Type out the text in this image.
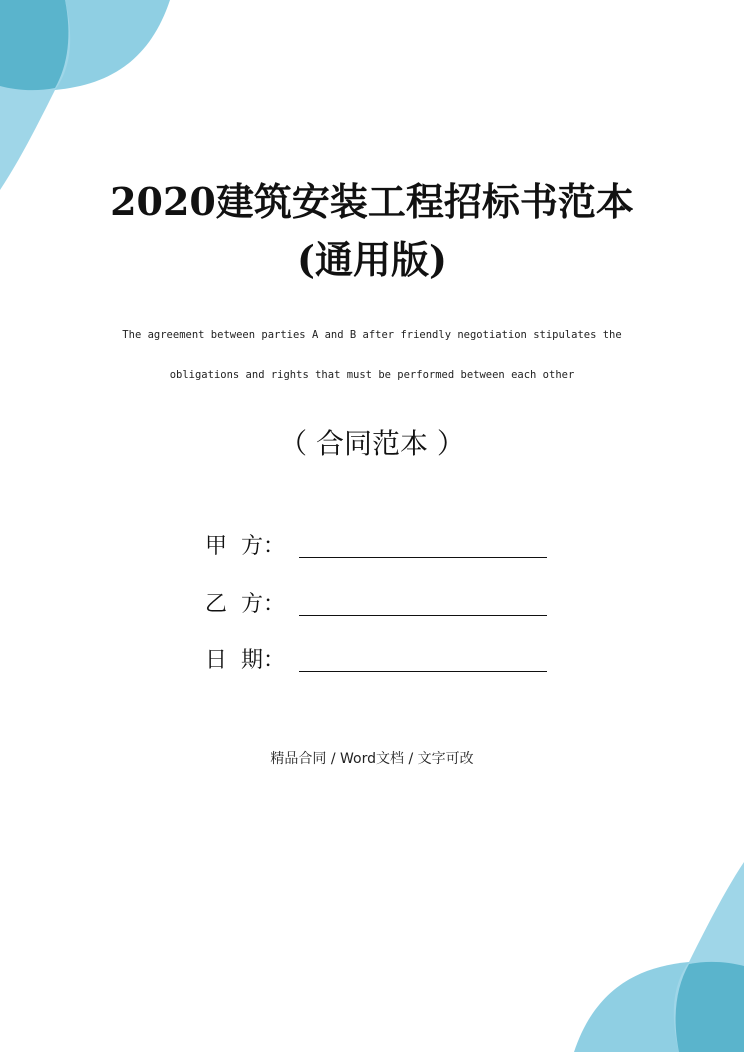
2020建筑安装工程招标书范本
(通用版)
The agreement between parties A and B after friendly negotiation stipulates the
obligations and rights that must be performed between each other
（ 合同范本 ）
甲  方：
乙  方：
日  期：
精品合同 / Word文档 / 文字可改
